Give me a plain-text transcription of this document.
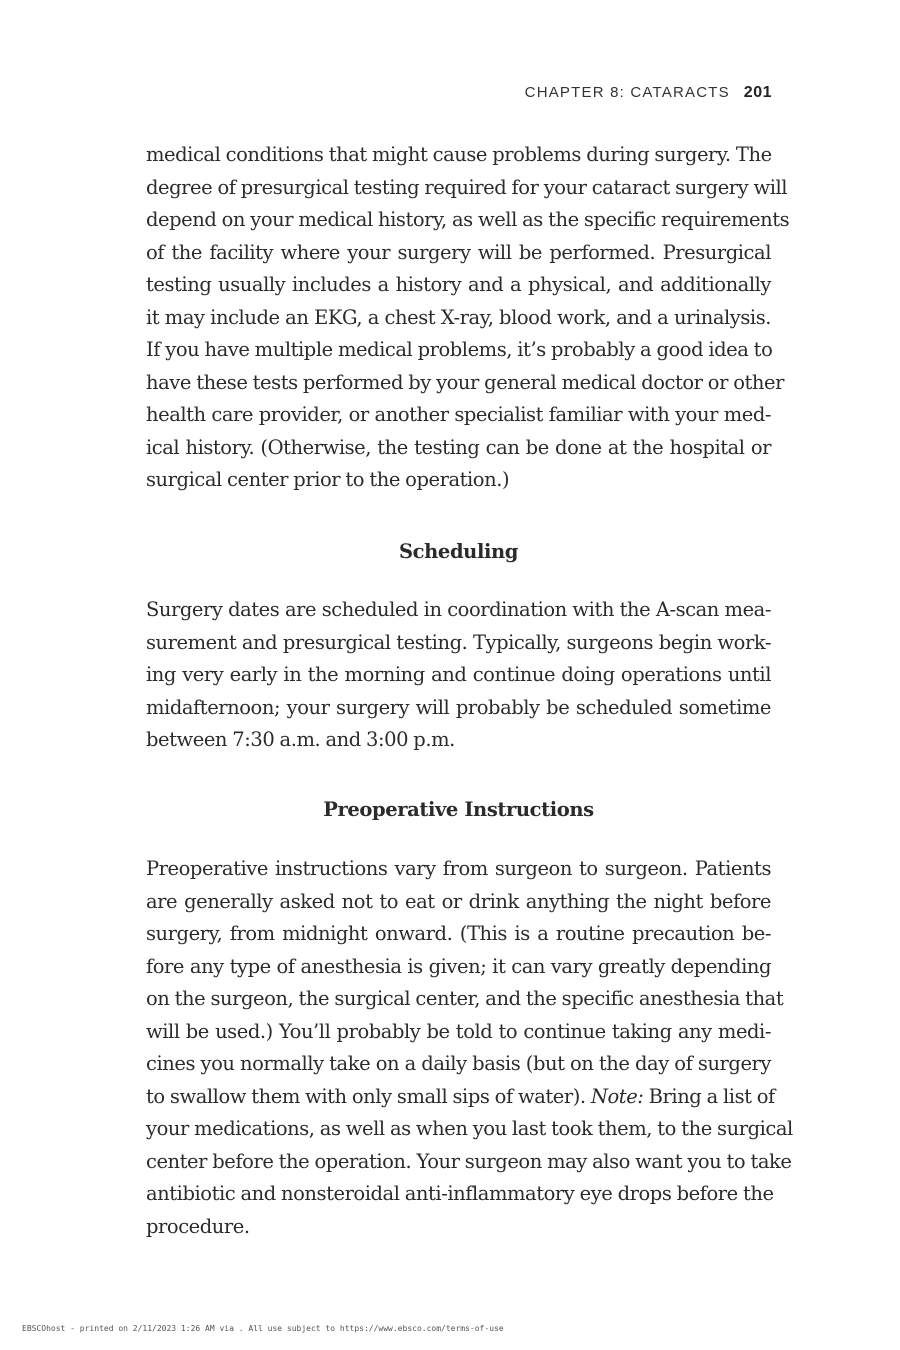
CHAPTER 8: CATARACTS 201
medical conditions that might cause problems during surgery. The
degree of presurgical testing required for your cataract surgery will
depend on your medical history, as well as the specific requirements
of the facility where your surgery will be performed. Presurgical
testing usually includes a history and a physical, and additionally
it may include an EKG, a chest X-ray, blood work, and a urinalysis.
If you have multiple medical problems, it’s probably a good idea to
have these tests performed by your general medical doctor or other
health care provider, or another specialist familiar with your med-
ical history. (Otherwise, the testing can be done at the hospital or
surgical center prior to the operation.)
Scheduling
Surgery dates are scheduled in coordination with the A-scan mea-
surement and presurgical testing. Typically, surgeons begin work-
ing very early in the morning and continue doing operations until
midafternoon; your surgery will probably be scheduled sometime
between 7:30 a.m. and 3:00 p.m.
Preoperative Instructions
Preoperative instructions vary from surgeon to surgeon. Patients
are generally asked not to eat or drink anything the night before
surgery, from midnight onward. (This is a routine precaution be-
fore any type of anesthesia is given; it can vary greatly depending
on the surgeon, the surgical center, and the specific anesthesia that
will be used.) You’ll probably be told to continue taking any medi-
cines you normally take on a daily basis (but on the day of surgery
to swallow them with only small sips of water). Note: Bring a list of
your medications, as well as when you last took them, to the surgical
center before the operation. Your surgeon may also want you to take
antibiotic and nonsteroidal anti-inflammatory eye drops before the
procedure.
EBSCOhost - printed on 2/11/2023 1:26 AM via . All use subject to https://www.ebsco.com/terms-of-use
